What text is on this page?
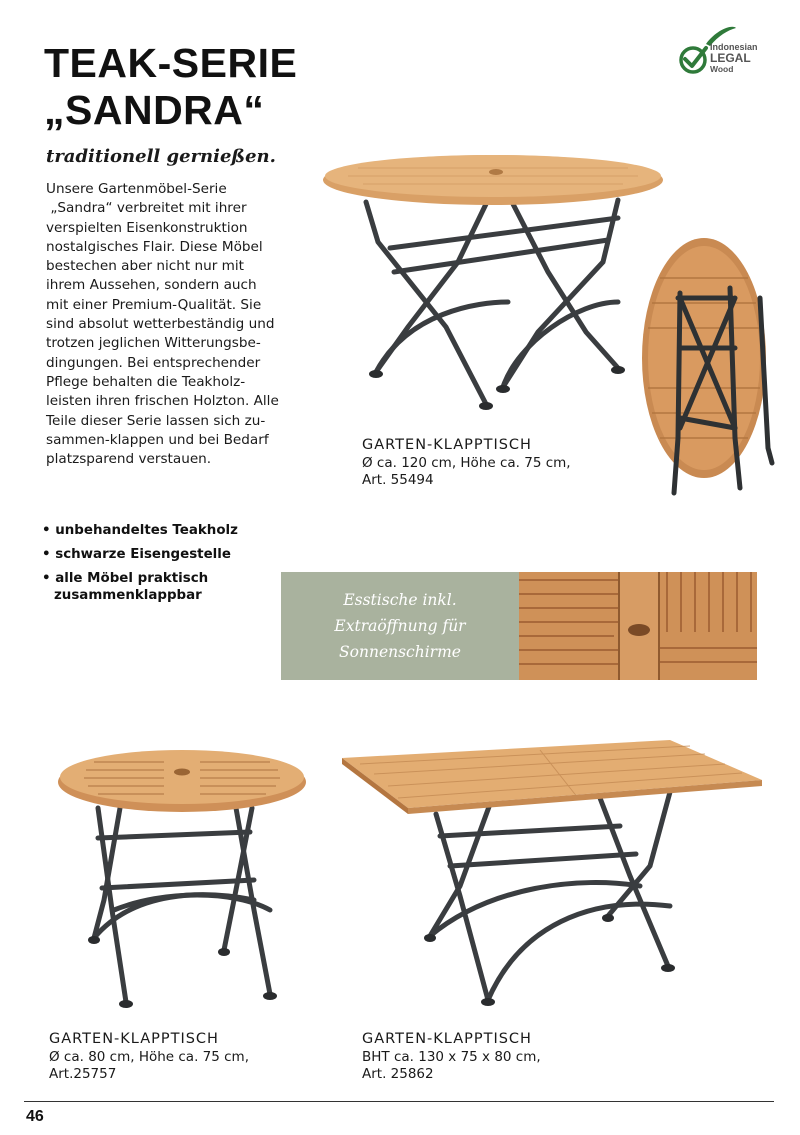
TEAK-SERIE
„SANDRA“
traditionell gernießen.
Unsere Gartenmöbel-Serie
„Sandra“ verbreitet mit ihrer
verspielten Eisenkonstruktion
nostalgisches Flair. Diese Möbel
bestechen aber nicht nur mit
ihrem Aussehen, sondern auch
mit einer Premium-Qualität. Sie
sind absolut wetterbeständig und
trotzen jeglichen Witterungsbe-
dingungen. Bei entsprechender
Pflege behalten die Teakholz-
leisten ihren frischen Holzton. Alle
Teile dieser Serie lassen sich zu-
sammen-klappen und bei Bedarf
platzsparend verstauen.
• unbehandeltes Teakholz
• schwarze Eisengestelle
• alle Möbel praktisch
zusammenklappbar
Indonesian
LEGAL
Wood
GARTEN-KLAPPTISCH
Ø ca. 120 cm, Höhe ca. 75 cm,
Art. 55494
Esstische inkl.
Extraöffnung für
Sonnenschirme
GARTEN-KLAPPTISCH
Ø ca. 80 cm, Höhe ca. 75 cm,
Art.25757
GARTEN-KLAPPTISCH
BHT ca. 130 x 75 x 80 cm,
Art. 25862
46
